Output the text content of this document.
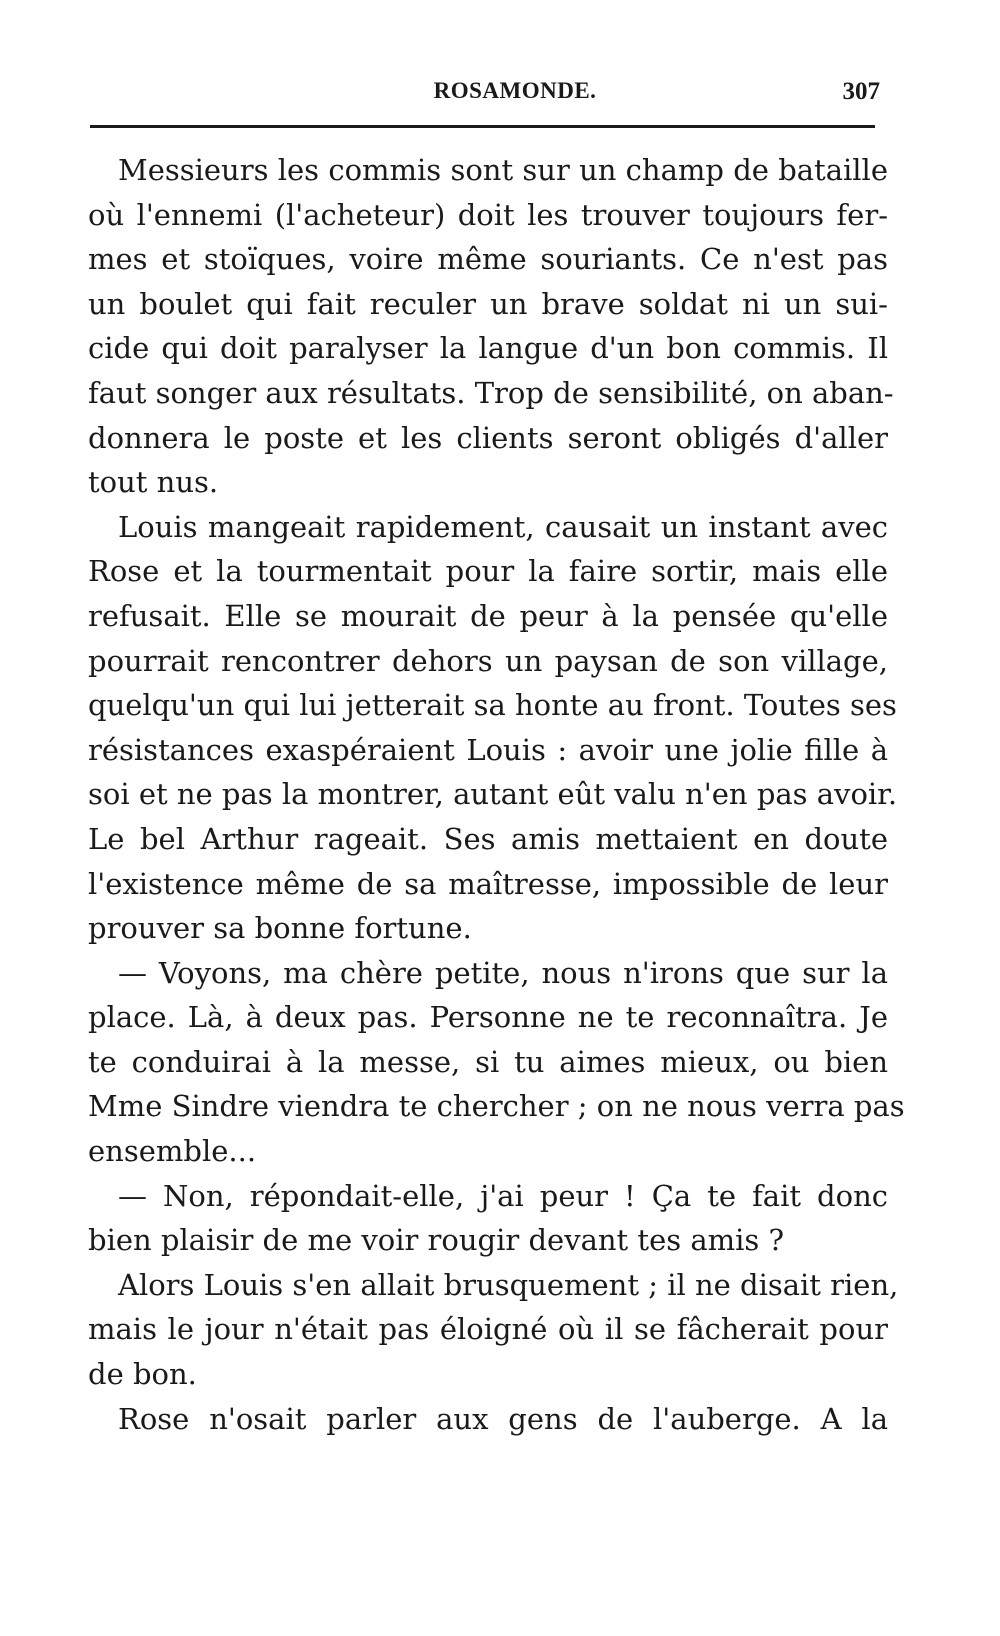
ROSAMONDE.	307
Messieurs les commis sont sur un champ de bataille
où l'ennemi (l'acheteur) doit les trouver toujours fer-
mes et stoïques, voire même souriants. Ce n'est pas
un boulet qui fait reculer un brave soldat ni un sui-
cide qui doit paralyser la langue d'un bon commis. Il
faut songer aux résultats. Trop de sensibilité, on aban-
donnera le poste et les clients seront obligés d'aller
tout nus.
Louis mangeait rapidement, causait un instant avec
Rose et la tourmentait pour la faire sortir, mais elle
refusait. Elle se mourait de peur à la pensée qu'elle
pourrait rencontrer dehors un paysan de son village,
quelqu'un qui lui jetterait sa honte au front. Toutes ses
résistances exaspéraient Louis : avoir une jolie fille à
soi et ne pas la montrer, autant eût valu n'en pas avoir.
Le bel Arthur rageait. Ses amis mettaient en doute
l'existence même de sa maîtresse, impossible de leur
prouver sa bonne fortune.
— Voyons, ma chère petite, nous n'irons que sur la
place. Là, à deux pas. Personne ne te reconnaîtra. Je
te conduirai à la messe, si tu aimes mieux, ou bien
Mme Sindre viendra te chercher ; on ne nous verra pas
ensemble...
— Non, répondait-elle, j'ai peur ! Ça te fait donc
bien plaisir de me voir rougir devant tes amis ?
Alors Louis s'en allait brusquement ; il ne disait rien,
mais le jour n'était pas éloigné où il se fâcherait pour
de bon.
Rose n'osait parler aux gens de l'auberge. A la
